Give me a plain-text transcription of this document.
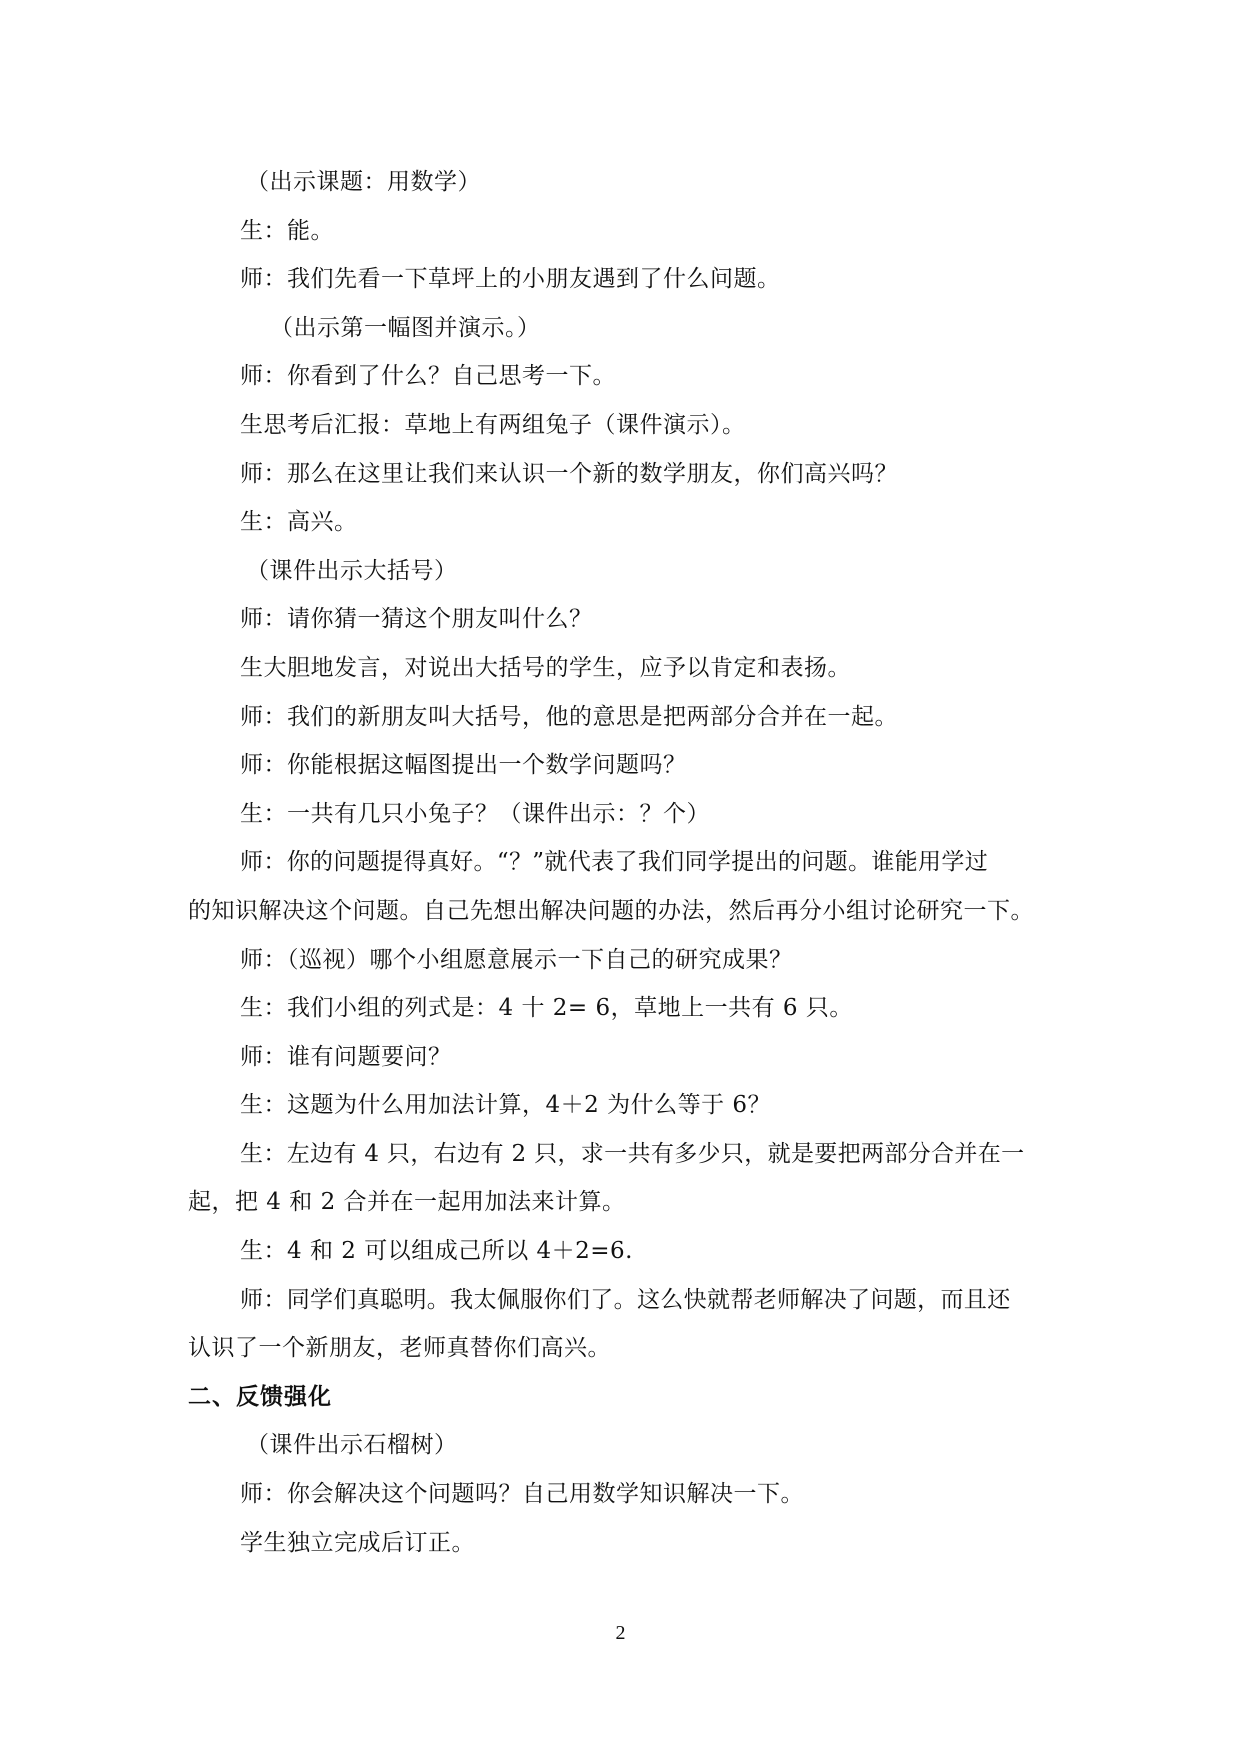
（出示课题：用数学）
生：能。
师：我们先看一下草坪上的小朋友遇到了什么问题。
（出示第一幅图并演示。）
师：你看到了什么？自己思考一下。
生思考后汇报：草地上有两组兔子（课件演示）。
师：那么在这里让我们来认识一个新的数学朋友，你们高兴吗？
生：高兴。
（课件出示大括号）
师：请你猜一猜这个朋友叫什么？
生大胆地发言，对说出大括号的学生，应予以肯定和表扬。
师：我们的新朋友叫大括号，他的意思是把两部分合并在一起。
师：你能根据这幅图提出一个数学问题吗？
生：一共有几只小兔子？（课件出示：？个）
师：你的问题提得真好。“？”就代表了我们同学提出的问题。谁能用学过
的知识解决这个问题。自己先想出解决问题的办法，然后再分小组讨论研究一下。
师：（巡视）哪个小组愿意展示一下自己的研究成果？
生：我们小组的列式是：4 十 2= 6，草地上一共有 6 只。
师：谁有问题要问？
生：这题为什么用加法计算，4＋2 为什么等于 6？
生：左边有 4 只，右边有 2 只，求一共有多少只，就是要把两部分合并在一
起，把 4 和 2 合并在一起用加法来计算。
生：4 和 2 可以组成己所以 4＋2=6.
师：同学们真聪明。我太佩服你们了。这么快就帮老师解决了问题，而且还
认识了一个新朋友，老师真替你们高兴。
二、反馈强化
（课件出示石榴树）
师：你会解决这个问题吗？自己用数学知识解决一下。
学生独立完成后订正。
2
